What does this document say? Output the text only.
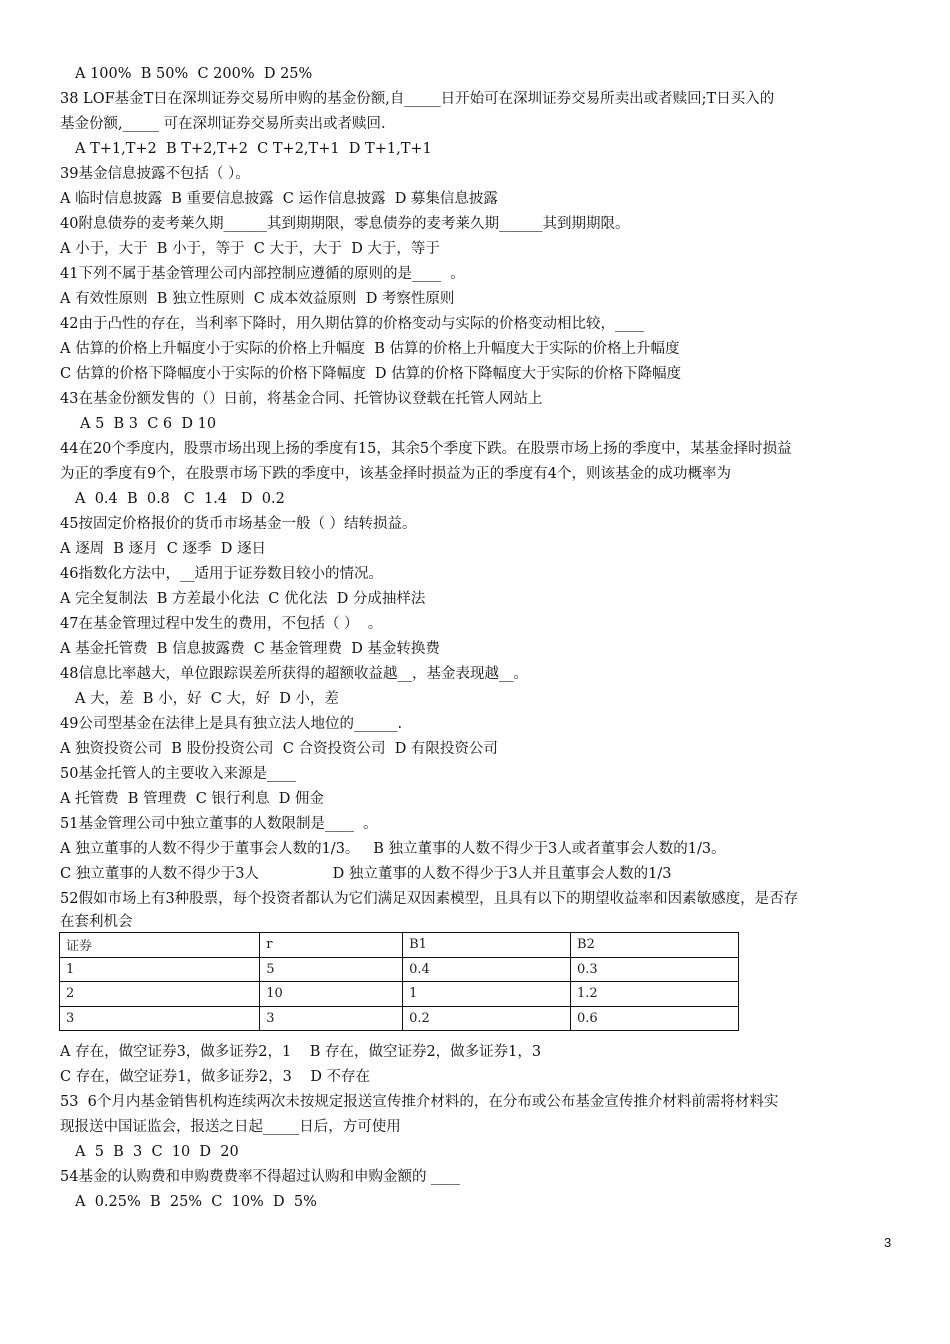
A 100%  B 50%  C 200%  D 25%
38 LOF基金T日在深圳证券交易所申购的基金份额,自_____日开始可在深圳证券交易所卖出或者赎回;T日买入的
基金份额,_____ 可在深圳证券交易所卖出或者赎回.
A T+1,T+2  B T+2,T+2  C T+2,T+1  D T+1,T+1
39基金信息披露不包括（ ）。
A 临时信息披露  B 重要信息披露  C 运作信息披露  D 募集信息披露
40附息债券的麦考莱久期______其到期期限，零息债券的麦考莱久期______其到期期限。
A 小于，大于  B 小于，等于  C 大于，大于  D 大于，等于
41下列不属于基金管理公司内部控制应遵循的原则的是____  。
A 有效性原则  B 独立性原则  C 成本效益原则  D 考察性原则
42由于凸性的存在，当利率下降时，用久期估算的价格变动与实际的价格变动相比较，____
A 估算的价格上升幅度小于实际的价格上升幅度  B 估算的价格上升幅度大于实际的价格上升幅度
C 估算的价格下降幅度小于实际的价格下降幅度  D 估算的价格下降幅度大于实际的价格下降幅度
43在基金份额发售的（）日前，将基金合同、托管协议登载在托管人网站上
A 5  B 3  C 6  D 10
44在20个季度内，股票市场出现上扬的季度有15，其余5个季度下跌。在股票市场上扬的季度中，某基金择时损益
为正的季度有9个，在股票市场下跌的季度中，该基金择时损益为正的季度有4个，则该基金的成功概率为
A  0.4  B  0.8   C  1.4   D  0.2
45按固定价格报价的货币市场基金一般（ ）结转损益。
A 逐周  B 逐月  C 逐季  D 逐日
46指数化方法中，__适用于证券数目较小的情况。
A 完全复制法  B 方差最小化法  C 优化法  D 分成抽样法
47在基金管理过程中发生的费用，不包括（ ）  。
A 基金托管费  B 信息披露费  C 基金管理费  D 基金转换费
48信息比率越大，单位跟踪误差所获得的超额收益越__，基金表现越__。
A 大，差  B 小，好  C 大，好  D 小，差
49公司型基金在法律上是具有独立法人地位的______.
A 独资投资公司  B 股份投资公司  C 合资投资公司  D 有限投资公司
50基金托管人的主要收入来源是____
A 托管费  B 管理费  C 银行利息  D 佣金
51基金管理公司中独立董事的人数限制是____  。
A 独立董事的人数不得少于董事会人数的1/3。   B 独立董事的人数不得少于3人或者董事会人数的1/3。
C 独立董事的人数不得少于3人                D 独立董事的人数不得少于3人并且董事会人数的1/3
52假如市场上有3种股票，每个投资者都认为它们满足双因素模型，且具有以下的期望收益率和因素敏感度，是否存
在套利机会
证券	r	B1	B2
1	5	0.4	0.3
2	10	1	1.2
3	3	0.2	0.6
A 存在，做空证券3，做多证券2，1    B 存在，做空证券2，做多证券1，3
C 存在，做空证券1，做多证券2，3    D 不存在
53  6个月内基金销售机构连续两次未按规定报送宣传推介材料的，在分布或公布基金宣传推介材料前需将材料实
现报送中国证监会，报送之日起_____日后，方可使用
A  5  B  3  C  10  D  20
54基金的认购费和申购费费率不得超过认购和申购金额的 ____
A  0.25%  B  25%  C  10%  D  5%
3
